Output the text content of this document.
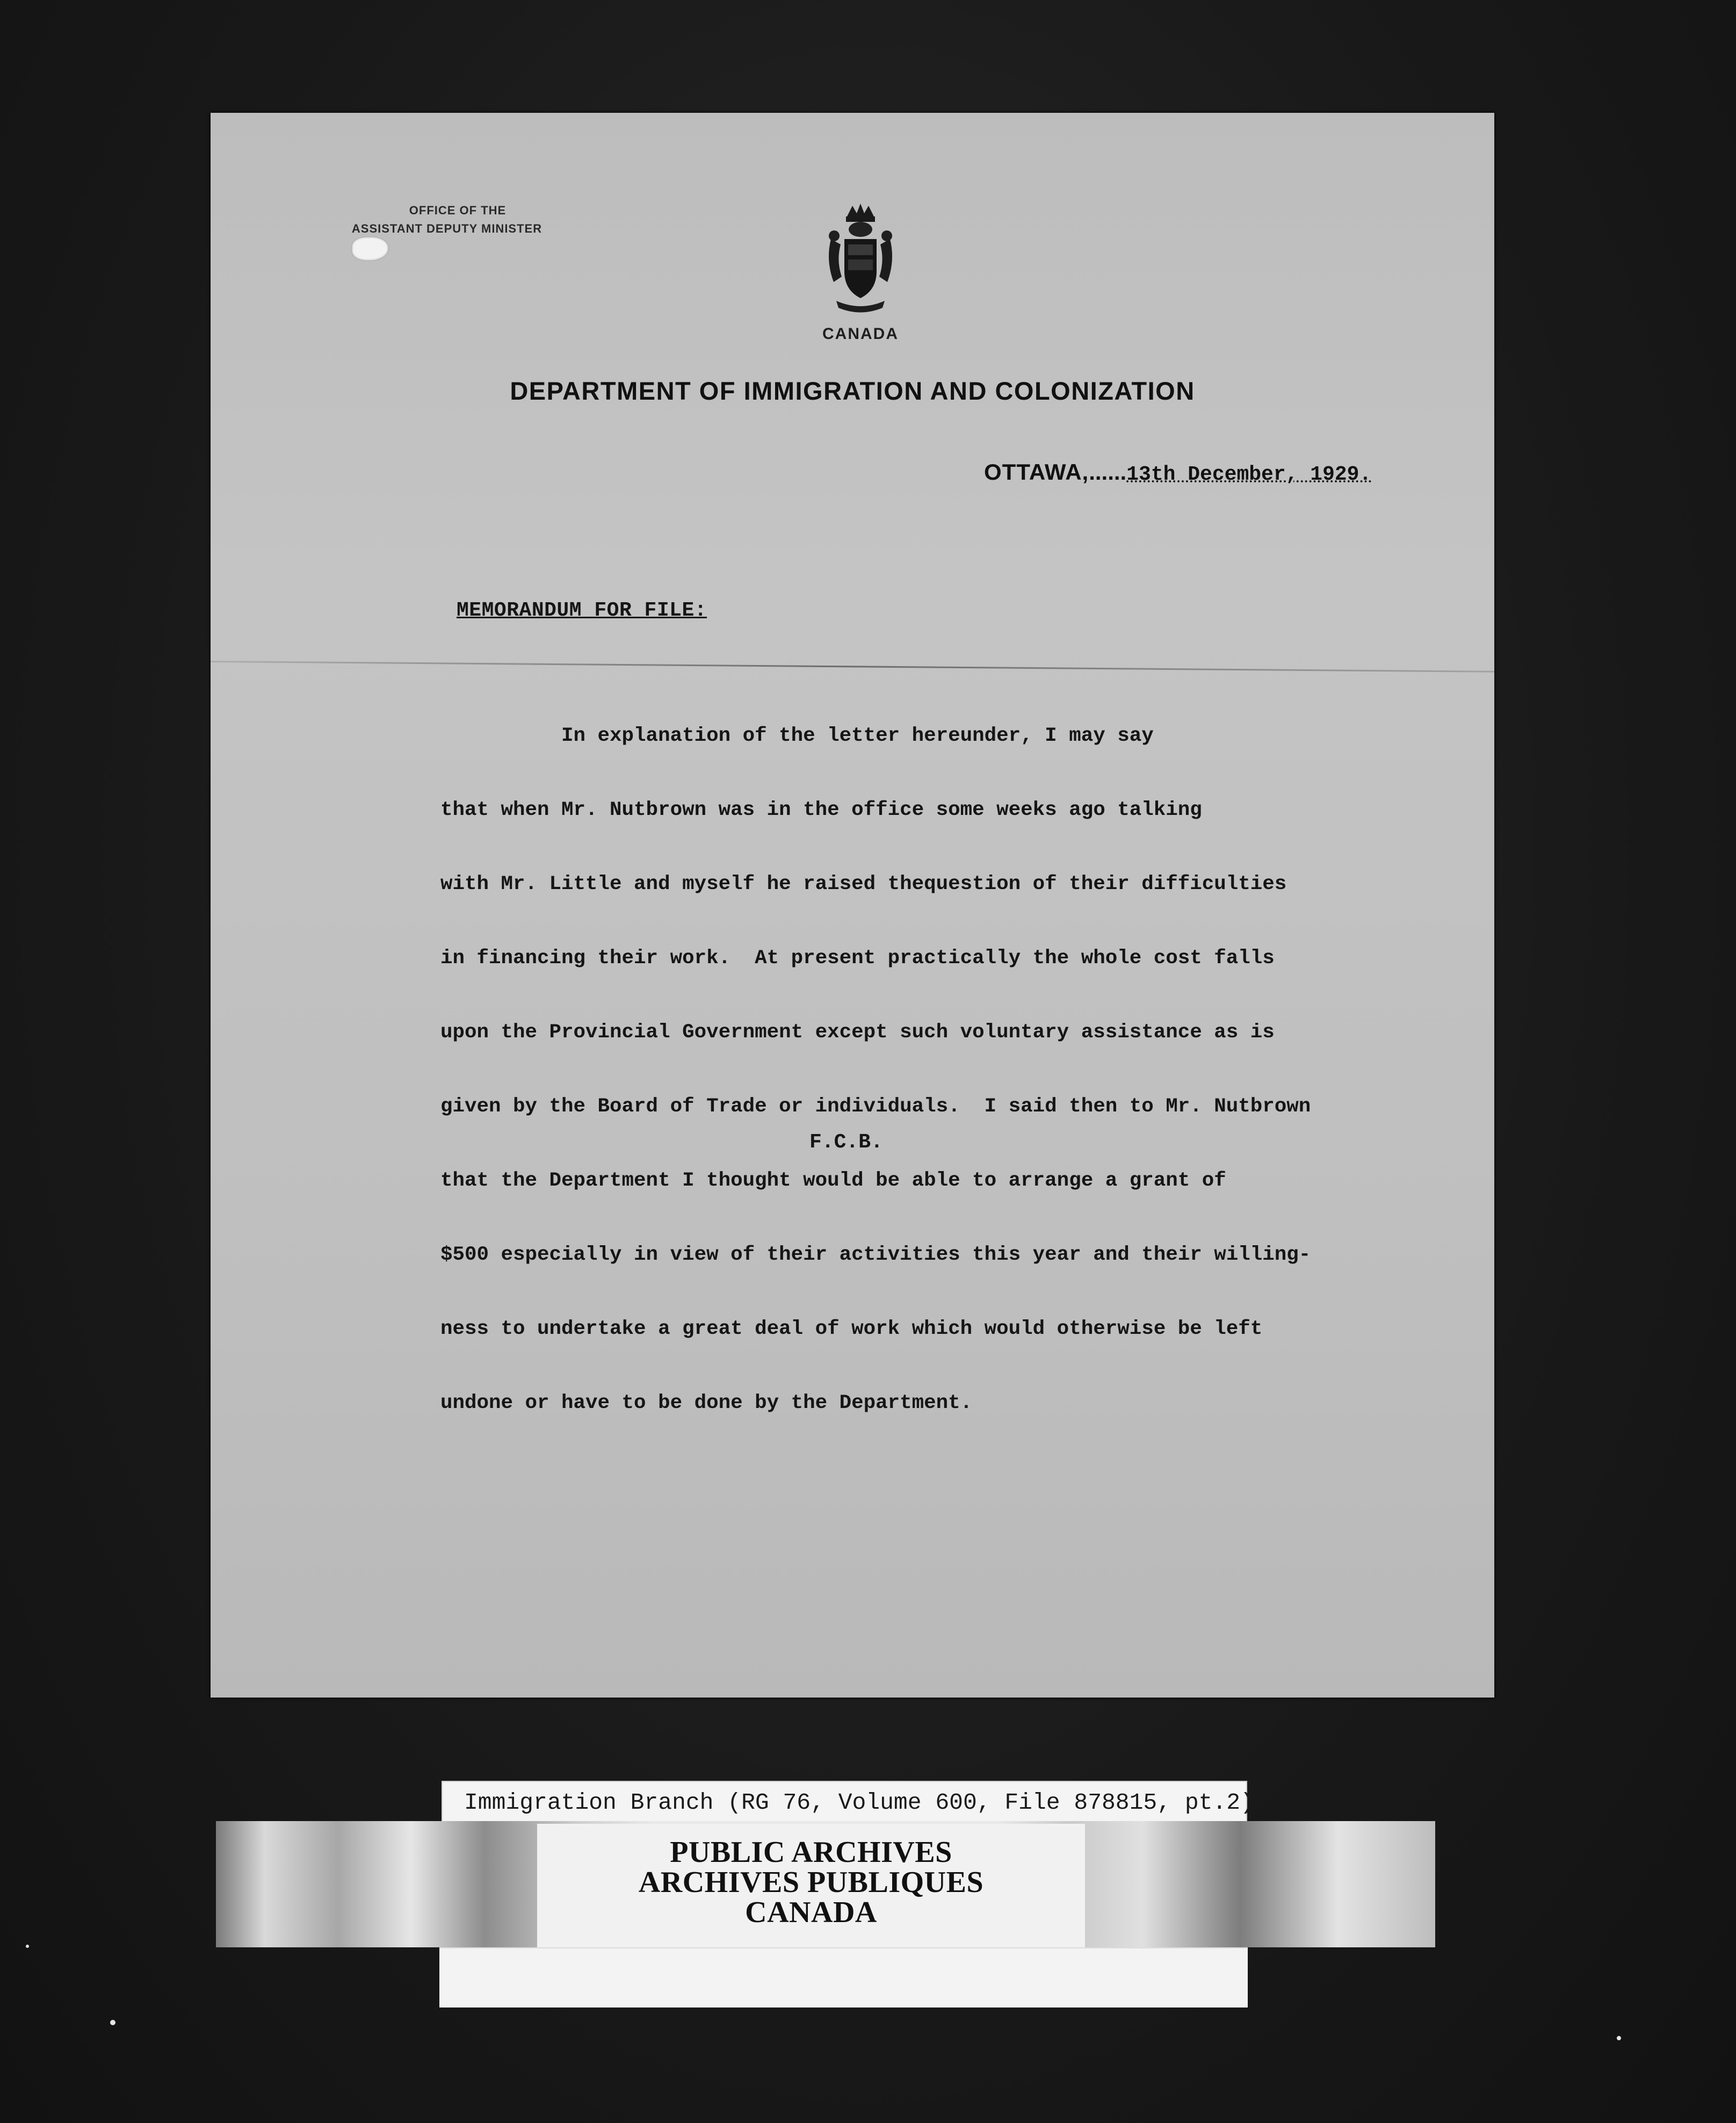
OFFICE OF THE
ASSISTANT DEPUTY MINISTER
CANADA
DEPARTMENT OF IMMIGRATION AND COLONIZATION
OTTAWA,......13th December, 1929.
MEMORANDUM FOR FILE:

In explanation of the letter hereunder, I may say

that when Mr. Nutbrown was in the office some weeks ago talking

with Mr. Little and myself he raised thequestion of their difficulties

in financing their work.  At present practically the whole cost falls

upon the Provincial Government except such voluntary assistance as is

given by the Board of Trade or individuals.  I said then to Mr. Nutbrown

that the Department I thought would be able to arrange a grant of

$500 especially in view of their activities this year and their willing-

ness to undertake a great deal of work which would otherwise be left

undone or have to be done by the Department.

F.C.B.
Immigration Branch (RG 76, Volume 600, File 878815, pt.2)
PUBLIC ARCHIVES
ARCHIVES PUBLIQUES
CANADA
